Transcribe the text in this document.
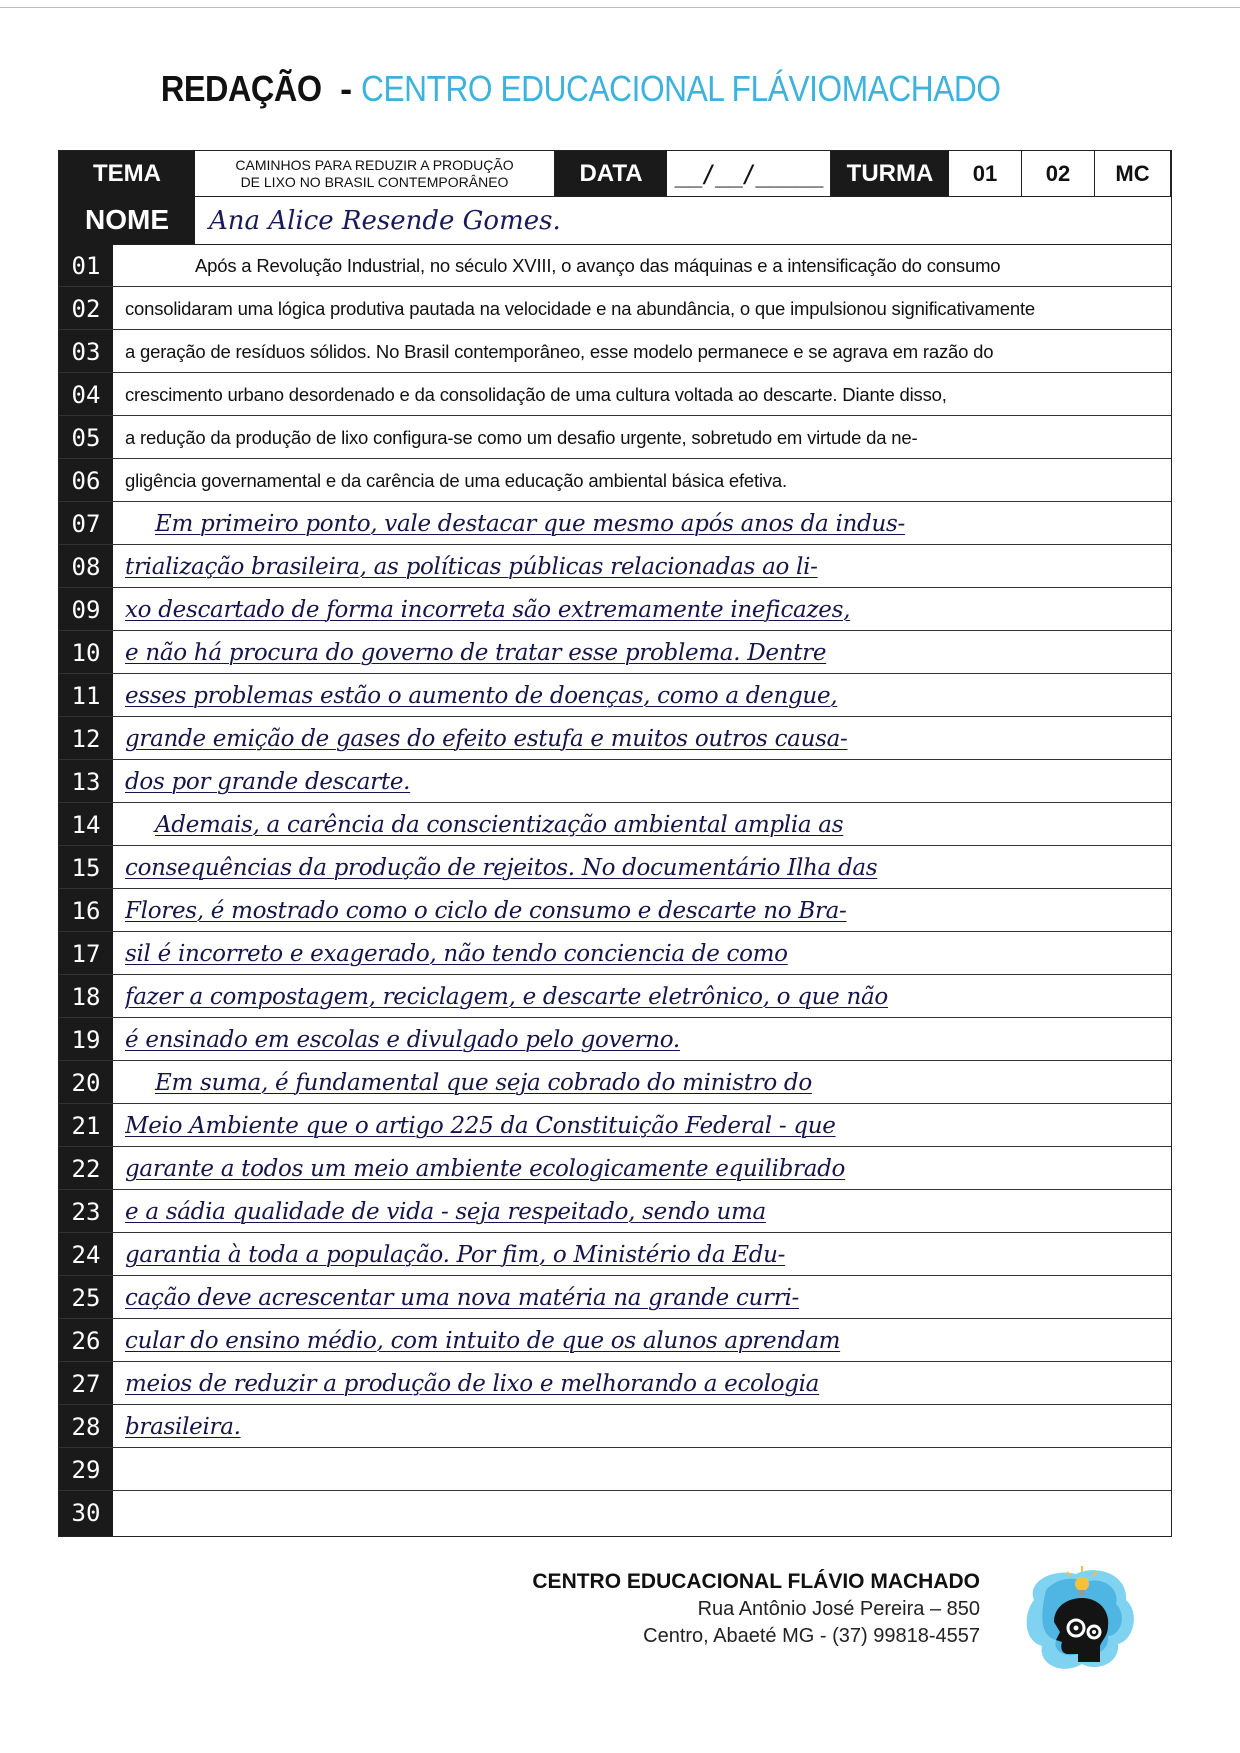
REDAÇÃO - CENTRO EDUCACIONAL FLÁVIOMACHADO
TEMA	CAMINHOS PARA REDUZIR A PRODUÇÃO
DE LIXO NO BRASIL CONTEMPORÂNEO	DATA	__/__/_____	TURMA	01	02	MC
NOME	Ana Alice Resende Gomes.
01	Após a Revolução Industrial, no século XVIII, o avanço das máquinas e a intensificação do consumo
02	consolidaram uma lógica produtiva pautada na velocidade e na abundância, o que impulsionou significativamente
03	a geração de resíduos sólidos. No Brasil contemporâneo, esse modelo permanece e se agrava em razão do
04	crescimento urbano desordenado e da consolidação de uma cultura voltada ao descarte. Diante disso,
05	a redução da produção de lixo configura-se como um desafio urgente, sobretudo em virtude da ne-
06	gligência governamental e da carência de uma educação ambiental básica efetiva.
07	Em primeiro ponto, vale destacar que mesmo após anos da indus-
08	trialização brasileira, as políticas públicas relacionadas ao li-
09	xo descartado de forma incorreta são extremamente ineficazes,
10	e não há procura do governo de tratar esse problema. Dentre
11	esses problemas estão o aumento de doenças, como a dengue,
12	grande emição de gases do efeito estufa e muitos outros causa-
13	dos por grande descarte.
14	Ademais, a carência da conscientização ambiental amplia as
15	consequências da produção de rejeitos. No documentário Ilha das
16	Flores, é mostrado como o ciclo de consumo e descarte no Bra-
17	sil é incorreto e exagerado, não tendo conciencia de como
18	fazer a compostagem, reciclagem, e descarte eletrônico, o que não
19	é ensinado em escolas e divulgado pelo governo.
20	Em suma, é fundamental que seja cobrado do ministro do
21	Meio Ambiente que o artigo 225 da Constituição Federal - que
22	garante a todos um meio ambiente ecologicamente equilibrado
23	e a sádia qualidade de vida - seja respeitado, sendo uma
24	garantia à toda a população. Por fim, o Ministério da Edu-
25	cação deve acrescentar uma nova matéria na grande curri-
26	cular do ensino médio, com intuito de que os alunos aprendam
27	meios de reduzir a produção de lixo e melhorando a ecologia
28	brasileira.
29
30
CENTRO EDUCACIONAL FLÁVIO MACHADO
Rua Antônio José Pereira – 850
Centro, Abaeté MG - (37) 99818-4557
